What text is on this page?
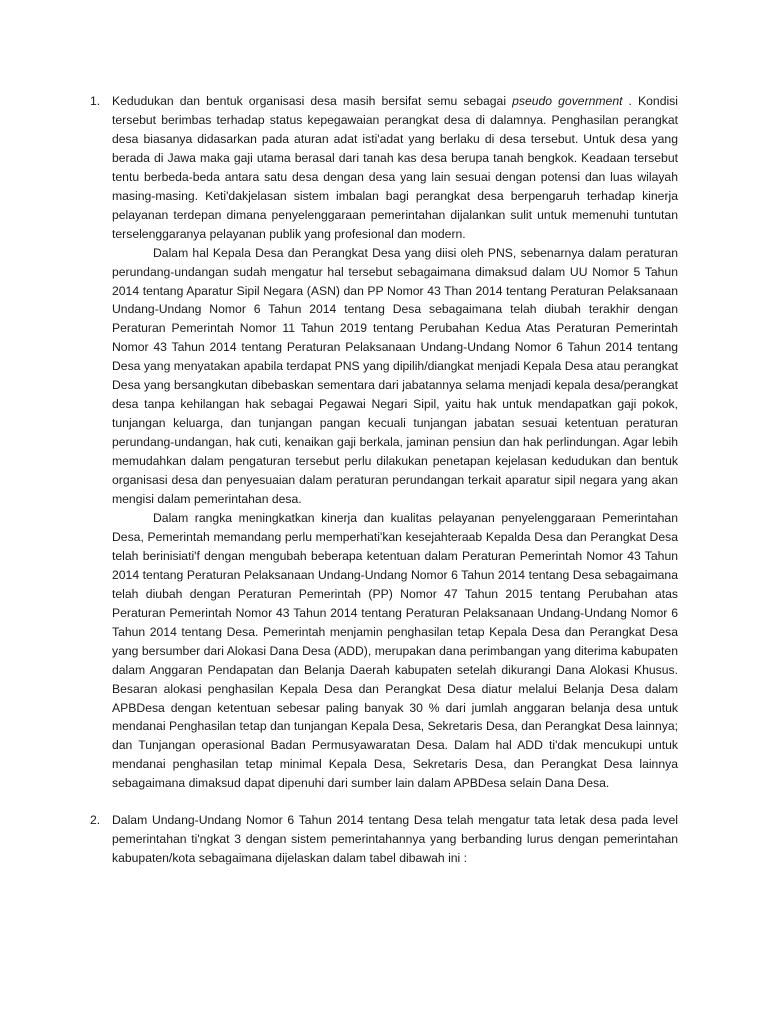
1. Kedudukan dan bentuk organisasi desa masih bersifat semu sebagai pseudo government . Kondisi tersebut berimbas terhadap status kepegawaian perangkat desa di dalamnya. Penghasilan perangkat desa biasanya didasarkan pada aturan adat isti'adat yang berlaku di desa tersebut. Untuk desa yang berada di Jawa maka gaji utama berasal dari tanah kas desa berupa tanah bengkok. Keadaan tersebut tentu berbeda-beda antara satu desa dengan desa yang lain sesuai dengan potensi dan luas wilayah masing-masing. Keti'dakjelasan sistem imbalan bagi perangkat desa berpengaruh terhadap kinerja pelayanan terdepan dimana penyelenggaraan pemerintahan dijalankan sulit untuk memenuhi tuntutan terselenggaranya pelayanan publik yang profesional dan modern.

Dalam hal Kepala Desa dan Perangkat Desa yang diisi oleh PNS, sebenarnya dalam peraturan perundang-undangan sudah mengatur hal tersebut sebagaimana dimaksud dalam UU Nomor 5 Tahun 2014 tentang Aparatur Sipil Negara (ASN) dan PP Nomor 43 Than 2014 tentang Peraturan Pelaksanaan Undang-Undang Nomor 6 Tahun 2014 tentang Desa sebagaimana telah diubah terakhir dengan Peraturan Pemerintah Nomor 11 Tahun 2019 tentang Perubahan Kedua Atas Peraturan Pemerintah Nomor 43 Tahun 2014 tentang Peraturan Pelaksanaan Undang-Undang Nomor 6 Tahun 2014 tentang Desa yang menyatakan apabila terdapat PNS yang dipilih/diangkat menjadi Kepala Desa atau perangkat Desa yang bersangkutan dibebaskan sementara dari jabatannya selama menjadi kepala desa/perangkat desa tanpa kehilangan hak sebagai Pegawai Negari Sipil, yaitu hak untuk mendapatkan gaji pokok, tunjangan keluarga, dan tunjangan pangan kecuali tunjangan jabatan sesuai ketentuan peraturan perundang-undangan, hak cuti, kenaikan gaji berkala, jaminan pensiun dan hak perlindungan. Agar lebih memudahkan dalam pengaturan tersebut perlu dilakukan penetapan kejelasan kedudukan dan bentuk organisasi desa dan penyesuaian dalam peraturan perundangan terkait aparatur sipil negara yang akan mengisi dalam pemerintahan desa.

Dalam rangka meningkatkan kinerja dan kualitas pelayanan penyelenggaraan Pemerintahan Desa, Pemerintah memandang perlu memperhati'kan kesejahteraab Kepalda Desa dan Perangkat Desa telah berinisiati'f dengan mengubah beberapa ketentuan dalam Peraturan Pemerintah Nomor 43 Tahun 2014 tentang Peraturan Pelaksanaan Undang-Undang Nomor 6 Tahun 2014 tentang Desa sebagaimana telah diubah dengan Peraturan Pemerintah (PP) Nomor 47 Tahun 2015 tentang Perubahan atas Peraturan Pemerintah Nomor 43 Tahun 2014 tentang Peraturan Pelaksanaan Undang-Undang Nomor 6 Tahun 2014 tentang Desa. Pemerintah menjamin penghasilan tetap Kepala Desa dan Perangkat Desa yang bersumber dari Alokasi Dana Desa (ADD), merupakan dana perimbangan yang diterima kabupaten dalam Anggaran Pendapatan dan Belanja Daerah kabupaten setelah dikurangi Dana Alokasi Khusus. Besaran alokasi penghasilan Kepala Desa dan Perangkat Desa diatur melalui Belanja Desa dalam APBDesa dengan ketentuan sebesar paling banyak 30 % dari jumlah anggaran belanja desa untuk mendanai Penghasilan tetap dan tunjangan Kepala Desa, Sekretaris Desa, dan Perangkat Desa lainnya; dan Tunjangan operasional Badan Permusyawaratan Desa. Dalam hal ADD ti'dak mencukupi untuk mendanai penghasilan tetap minimal Kepala Desa, Sekretaris Desa, dan Perangkat Desa lainnya sebagaimana dimaksud dapat dipenuhi dari sumber lain dalam APBDesa selain Dana Desa.

2. Dalam Undang-Undang Nomor 6 Tahun 2014 tentang Desa telah mengatur tata letak desa pada level pemerintahan ti'ngkat 3 dengan sistem pemerintahannya yang berbanding lurus dengan pemerintahan kabupaten/kota sebagaimana dijelaskan dalam tabel dibawah ini :
